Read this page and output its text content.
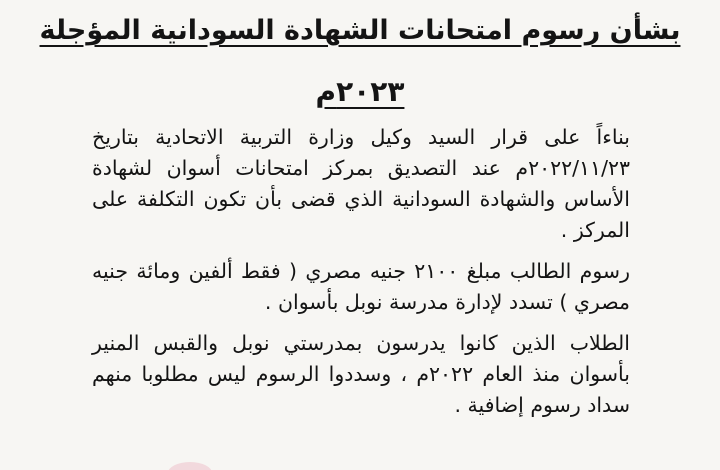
بشأن رسوم امتحانات الشهادة السودانية المؤجلة
٢٠٢٣م

بناءاً على قرار السيد وكيل وزارة التربية الاتحادية بتاريخ ٢٠٢٢/١١/٢٣م عند التصديق بمركز امتحانات أسوان لشهادة الأساس والشهادة السودانية الذي قضى بأن تكون التكلفة على المركز .

رسوم الطالب مبلغ ٢١٠٠ جنيه مصري ( فقط ألفين ومائة جنيه مصري ) تسدد لإدارة مدرسة نوبل بأسوان .

الطلاب الذين كانوا يدرسون بمدرستي نوبل والقبس المنير بأسوان منذ العام ٢٠٢٢م ، وسددوا الرسوم ليس مطلوبا منهم سداد رسوم إضافية .
